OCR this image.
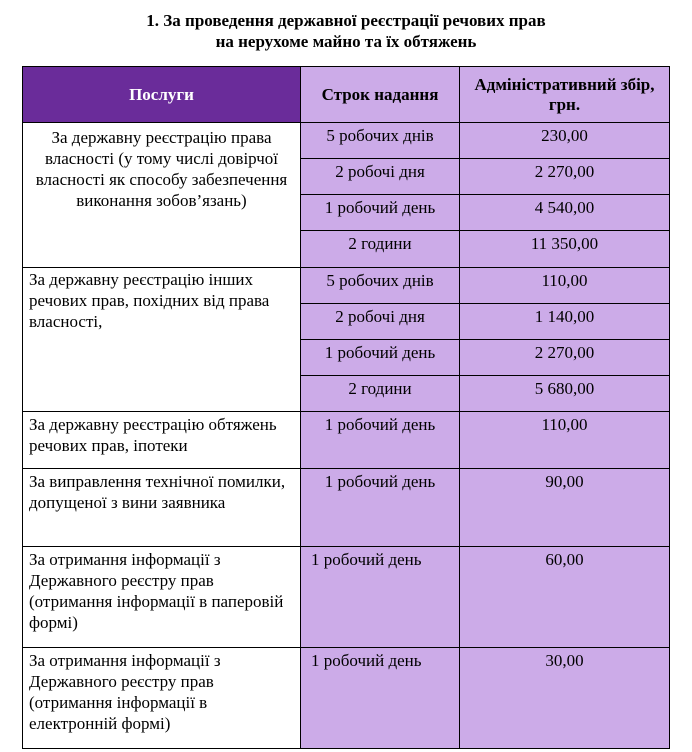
1. За проведення державної реєстрації речових прав
на нерухоме майно та їх обтяжень
Послуги	Строк надання	Адміністративний збір, грн.
За державну реєстрацію права власності (у тому числі довірчої власності як способу забезпечення виконання зобов’язань)	5 робочих днів	230,00
	2 робочі дня	2 270,00
	1 робочий день	4 540,00
	2 години	11 350,00
За державну реєстрацію інших речових прав, похідних від права власності,	5 робочих днів	110,00
	2 робочі дня	1 140,00
	1 робочий день	2 270,00
	2 години	5 680,00
За державну реєстрацію обтяжень речових прав, іпотеки	1 робочий день	110,00
За виправлення технічної помилки, допущеної з вини заявника	1 робочий день	90,00
За отримання інформації з Державного реєстру прав (отримання інформації в паперовій формі)	1 робочий день	60,00
За отримання інформації з Державного реєстру прав (отримання інформації в електронній формі)	1 робочий день	30,00
